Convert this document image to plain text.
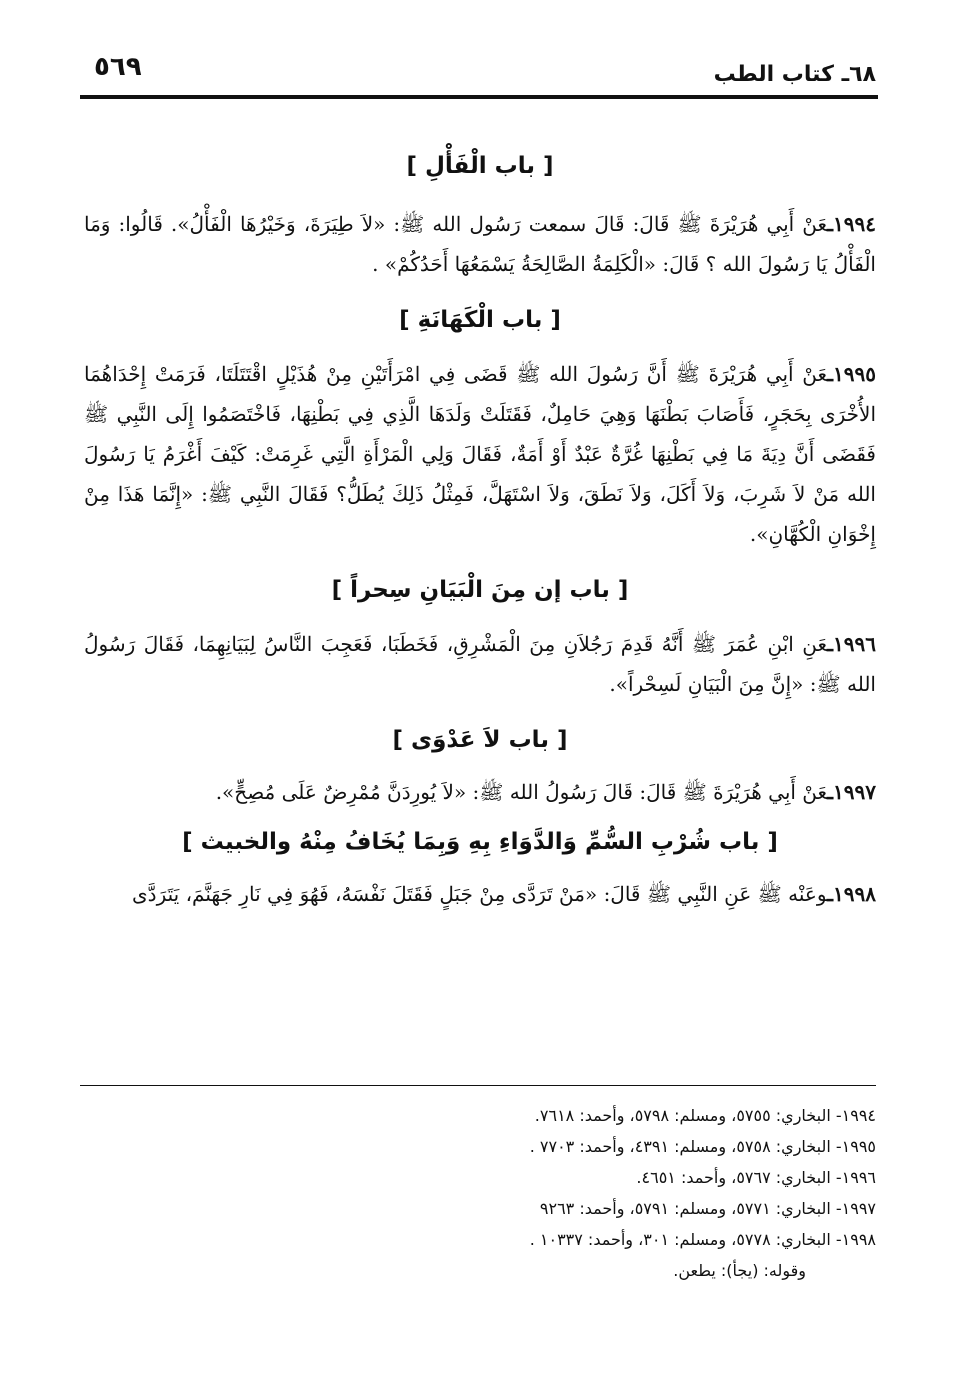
٦٨ـ كتاب الطب
٥٦٩
[ باب الْفَأْلِ ]

١٩٩٤ـعَنْ أَبِي هُرَيْرَةَ ﷺ قَالَ: قَالَ سمعت رَسُول الله ﷺ: «لاَ طِيَرَةَ، وَخَيْرُهَا الْفَأْلُ». قَالُوا: وَمَا الْفَأْلُ يَا رَسُولَ الله ؟ قَالَ: «الْكَلِمَةُ الصَّالِحَةُ يَسْمَعُهَا أَحَدُكُمْ» .

[ باب الْكَهَانَةِ ]

١٩٩٥ـعَنْ أَبِي هُرَيْرَةَ ﷺ أَنَّ رَسُولَ الله ﷺ قَضَى فِي امْرَأَتَيْنِ مِنْ هُذَيْلٍ اقْتَتَلَتَا، فَرَمَتْ إِحْدَاهُمَا الأُخْرَى بِحَجَرٍ، فَأَصَابَ بَطْنَهَا وَهِيَ حَامِلٌ، فَقَتَلَتْ وَلَدَهَا الَّذِي فِي بَطْنِهَا، فَاخْتَصَمُوا إِلَى النَّبِي ﷺ فَقَضَى أَنَّ دِيَةَ مَا فِي بَطْنِهَا غُرَّةٌ عَبْدٌ أَوْ أَمَةٌ، فَقَالَ وَلِي الْمَرْأَةِ الَّتِي غَرِمَتْ: كَيْفَ أَغْرَمُ يَا رَسُولَ الله مَنْ لاَ شَرِبَ، وَلاَ أَكَلَ، وَلاَ نَطَقَ، وَلاَ اسْتَهَلَّ، فَمِثْلُ ذَلِكَ يُطَلُّ؟ فَقَالَ النَّبِي ﷺ: «إِنَّمَا هَذَا مِنْ إِخْوَانِ الْكُهَّانِ».

[ باب إن مِنَ الْبَيَانِ سِحراً ]

١٩٩٦ـعَنِ ابْنِ عُمَرَ ﷺ أَنَّهُ قَدِمَ رَجُلاَنِ مِنَ الْمَشْرِقِ، فَخَطَبَا، فَعَجِبَ النَّاسُ لِبَيَانِهِمَا، فَقَالَ رَسُولُ الله ﷺ: «إِنَّ مِنَ الْبَيَانِ لَسِحْراً».

[ باب لاَ عَدْوَى ]

١٩٩٧ـعَنْ أَبِي هُرَيْرَةَ ﷺ قَالَ: قَالَ رَسُولُ الله ﷺ: «لاَ يُورِدَنَّ مُمْرِضٌ عَلَى مُصِحٍّ».

[ باب شُرْبِ السُّمِّ وَالدَّوَاءِ بِهِ وَبِمَا يُخَافُ مِنْهُ والخبيث ]

١٩٩٨ـوعَنْه ﷺ عَنِ النَّبِي ﷺ قَالَ: «مَنْ تَرَدَّى مِنْ جَبَلٍ فَقَتَلَ نَفْسَهُ، فَهُوَ فِي نَارِ جَهَنَّمَ، يَتَرَدَّى

١٩٩٤- البخاري: ٥٧٥٥، ومسلم: ٥٧٩٨، وأحمد: ٧٦١٨.

١٩٩٥- البخاري: ٥٧٥٨، ومسلم: ٤٣٩١، وأحمد: ٧٧٠٣ .

١٩٩٦- البخاري: ٥٧٦٧، وأحمد: ٤٦٥١.

١٩٩٧- البخاري: ٥٧٧١، ومسلم: ٥٧٩١، وأحمد: ٩٢٦٣

١٩٩٨- البخاري: ٥٧٧٨، ومسلم: ٣٠١، وأحمد: ١٠٣٣٧ .

وقوله: (يجأ): يطعن.
